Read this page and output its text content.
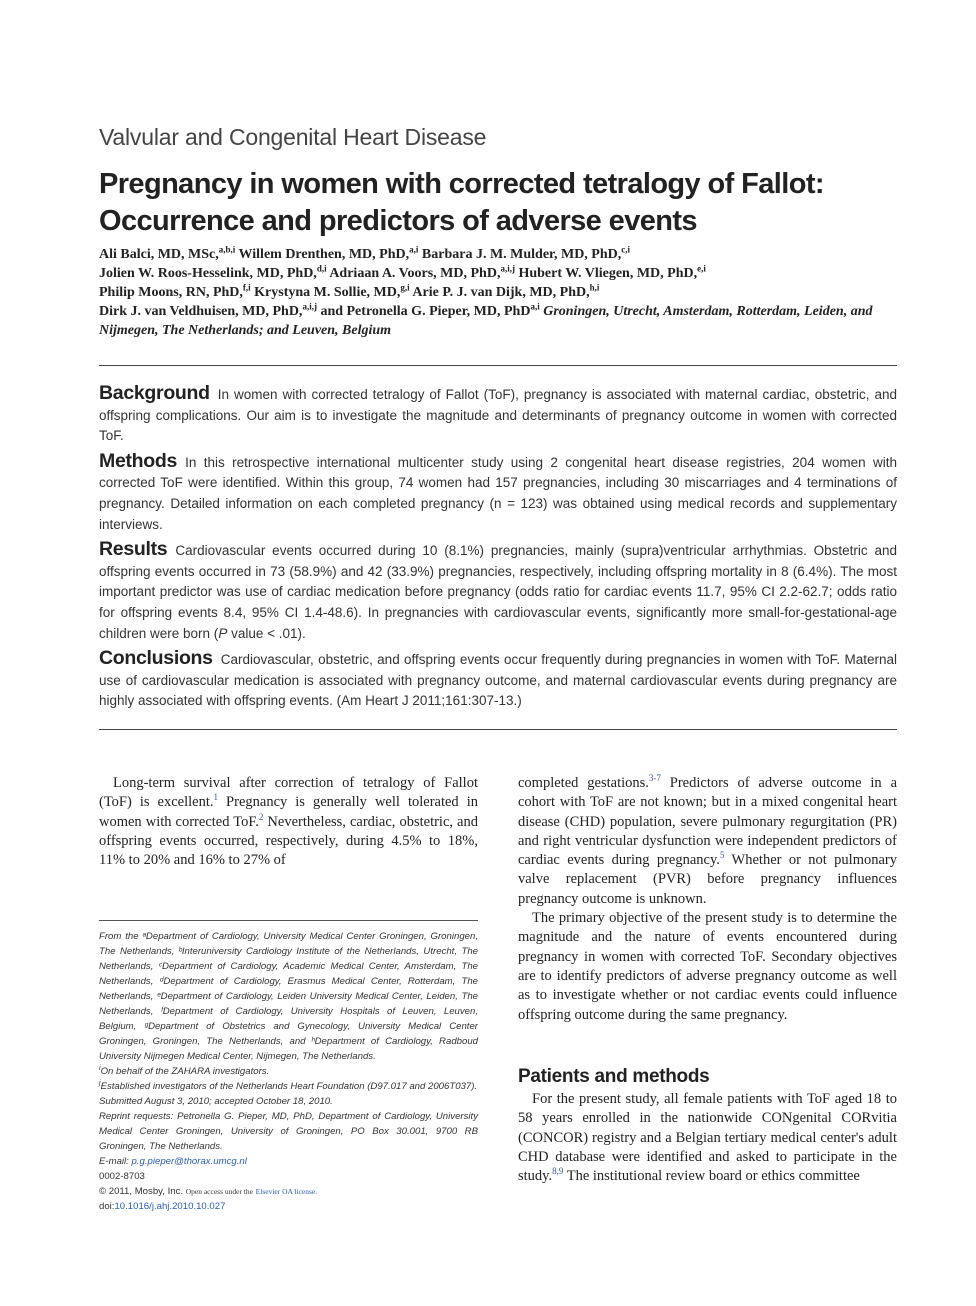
Valvular and Congenital Heart Disease
Pregnancy in women with corrected tetralogy of Fallot: Occurrence and predictors of adverse events
Ali Balci, MD, MSc,$^{a,b,i}$ Willem Drenthen, MD, PhD,$^{a,i}$ Barbara J. M. Mulder, MD, PhD,$^{c,i}$
Jolien W. Roos-Hesselink, MD, PhD,$^{d,i}$ Adriaan A. Voors, MD, PhD,$^{a,i,j}$ Hubert W. Vliegen, MD, PhD,$^{e,i}$
Philip Moons, RN, PhD,$^{f,i}$ Krystyna M. Sollie, MD,$^{g,i}$ Arie P. J. van Dijk, MD, PhD,$^{h,i}$
Dirk J. van Veldhuisen, MD, PhD,$^{a,i,j}$ and Petronella G. Pieper, MD, PhD$^{a,i}$ Groningen, Utrecht, Amsterdam, Rotterdam, Leiden, and Nijmegen, The Netherlands; and Leuven, Belgium

Background In women with corrected tetralogy of Fallot (ToF), pregnancy is associated with maternal cardiac, obstetric, and offspring complications. Our aim is to investigate the magnitude and determinants of pregnancy outcome in women with corrected ToF.

Methods In this retrospective international multicenter study using 2 congenital heart disease registries, 204 women with corrected ToF were identified. Within this group, 74 women had 157 pregnancies, including 30 miscarriages and 4 terminations of pregnancy. Detailed information on each completed pregnancy (n = 123) was obtained using medical records and supplementary interviews.

Results Cardiovascular events occurred during 10 (8.1%) pregnancies, mainly (supra)ventricular arrhythmias. Obstetric and offspring events occurred in 73 (58.9%) and 42 (33.9%) pregnancies, respectively, including offspring mortality in 8 (6.4%). The most important predictor was use of cardiac medication before pregnancy (odds ratio for cardiac events 11.7, 95% CI 2.2-62.7; odds ratio for offspring events 8.4, 95% CI 1.4-48.6). In pregnancies with cardiovascular events, significantly more small-for-gestational-age children were born (P value < .01).

Conclusions Cardiovascular, obstetric, and offspring events occur frequently during pregnancies in women with ToF. Maternal use of cardiovascular medication is associated with pregnancy outcome, and maternal cardiovascular events during pregnancy are highly associated with offspring events. (Am Heart J 2011;161:307-13.)

Long-term survival after correction of tetralogy of Fallot (ToF) is excellent.$^1$ Pregnancy is generally well tolerated in women with corrected ToF.$^2$ Nevertheless, cardiac, obstetric, and offspring events occurred, respectively, during 4.5% to 18%, 11% to 20% and 16% to 27% of

From the ᵃDepartment of Cardiology, University Medical Center Groningen, Groningen, The Netherlands, ᵇInteruniversity Cardiology Institute of the Netherlands, Utrecht, The Netherlands, ᶜDepartment of Cardiology, Academic Medical Center, Amsterdam, The Netherlands, ᵈDepartment of Cardiology, Erasmus Medical Center, Rotterdam, The Netherlands, ᵉDepartment of Cardiology, Leiden University Medical Center, Leiden, The Netherlands, ᶠDepartment of Cardiology, University Hospitals of Leuven, Leuven, Belgium, ᵍDepartment of Obstetrics and Gynecology, University Medical Center Groningen, Groningen, The Netherlands, and ʰDepartment of Cardiology, Radboud University Nijmegen Medical Center, Nijmegen, The Netherlands.
$^i$On behalf of the ZAHARA investigators.
$^j$Established investigators of the Netherlands Heart Foundation (D97.017 and 2006T037).
Submitted August 3, 2010; accepted October 18, 2010.
Reprint requests: Petronella G. Pieper, MD, PhD, Department of Cardiology, University Medical Center Groningen, University of Groningen, PO Box 30.001, 9700 RB Groningen, The Netherlands.
E-mail: p.g.pieper@thorax.umcg.nl
0002-8703
© 2011, Mosby, Inc. Open access under the Elsevier OA license.
doi:10.1016/j.ahj.2010.10.027

completed gestations.$^{3-7}$ Predictors of adverse outcome in a cohort with ToF are not known; but in a mixed congenital heart disease (CHD) population, severe pulmonary regurgitation (PR) and right ventricular dysfunction were independent predictors of cardiac events during pregnancy.$^5$ Whether or not pulmonary valve replacement (PVR) before pregnancy influences pregnancy outcome is unknown.

The primary objective of the present study is to determine the magnitude and the nature of events encountered during pregnancy in women with corrected ToF. Secondary objectives are to identify predictors of adverse pregnancy outcome as well as to investigate whether or not cardiac events could influence offspring outcome during the same pregnancy.

Patients and methods

For the present study, all female patients with ToF aged 18 to 58 years enrolled in the nationwide CONgenital CORvitia (CONCOR) registry and a Belgian tertiary medical center's adult CHD database were identified and asked to participate in the study.$^{8,9}$ The institutional review board or ethics committee
